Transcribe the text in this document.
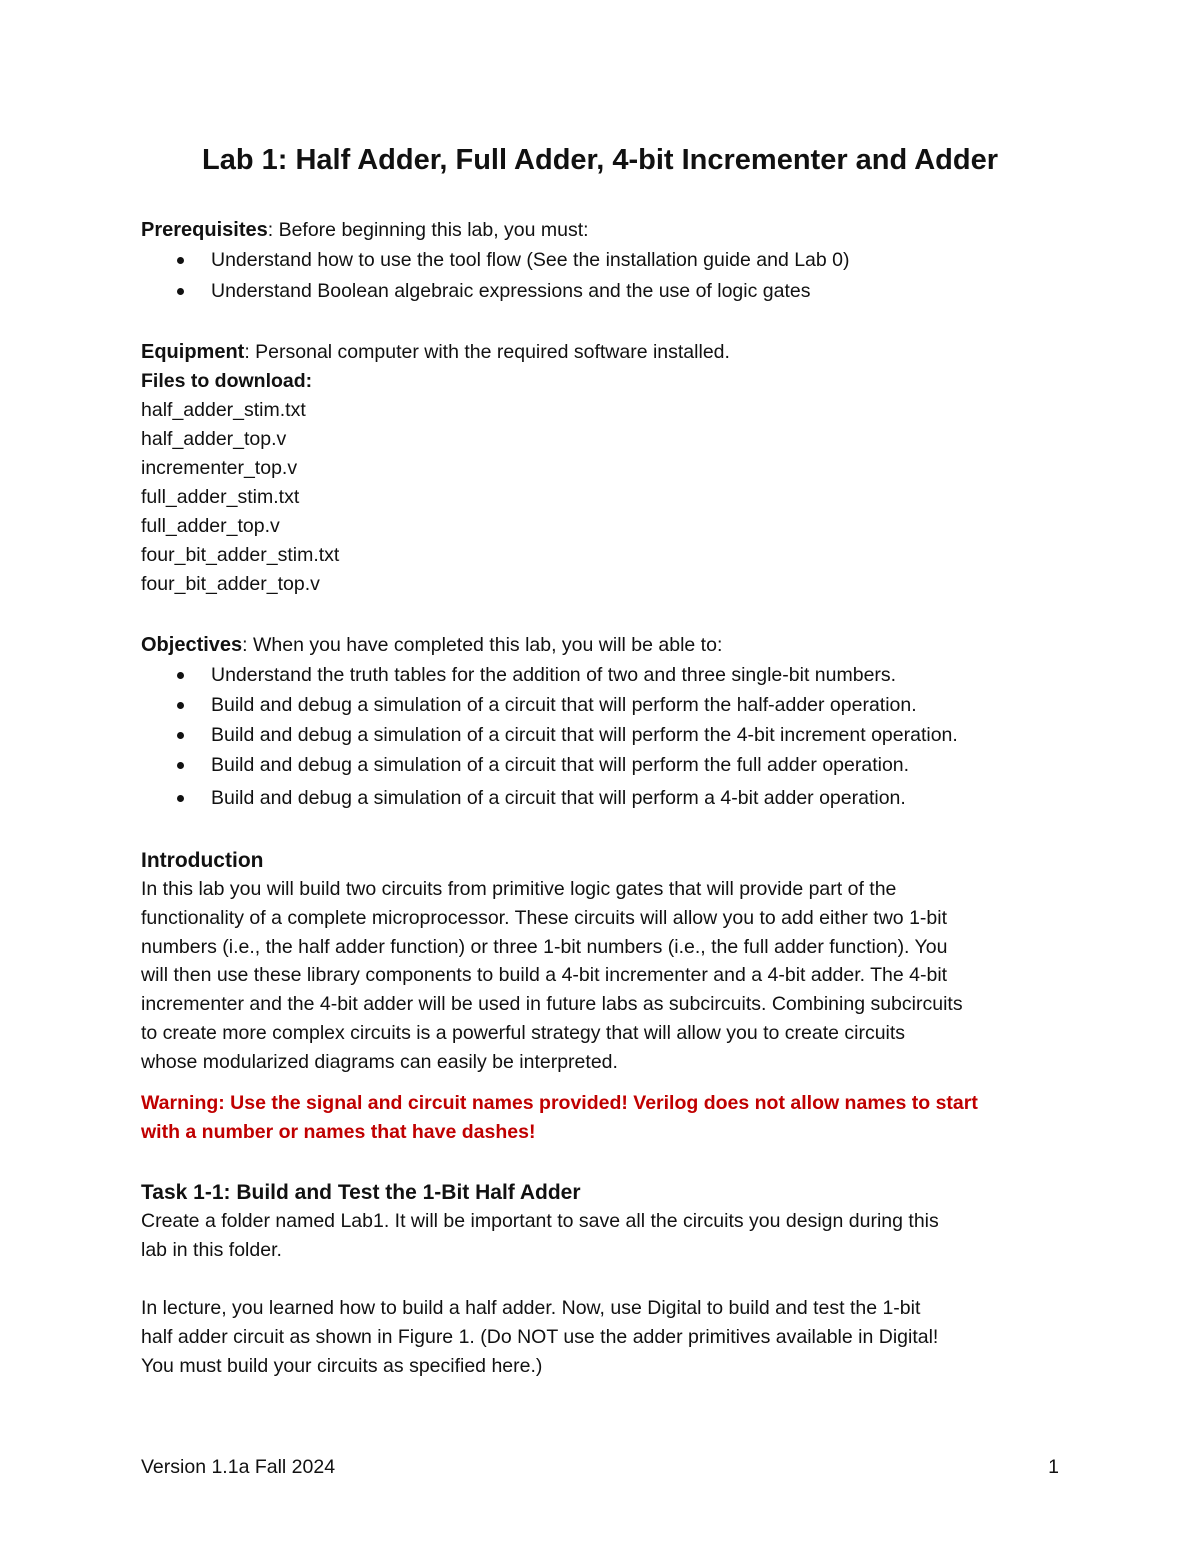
Lab 1: Half Adder, Full Adder, 4-bit Incrementer and Adder
Prerequisites: Before beginning this lab, you must:
Understand how to use the tool flow (See the installation guide and Lab 0)
Understand Boolean algebraic expressions and the use of logic gates
Equipment: Personal computer with the required software installed.
Files to download:
half_adder_stim.txt
half_adder_top.v
incrementer_top.v
full_adder_stim.txt
full_adder_top.v
four_bit_adder_stim.txt
four_bit_adder_top.v
Objectives: When you have completed this lab, you will be able to:
Understand the truth tables for the addition of two and three single-bit numbers.
Build and debug a simulation of a circuit that will perform the half-adder operation.
Build and debug a simulation of a circuit that will perform the 4-bit increment operation.
Build and debug a simulation of a circuit that will perform the full adder operation.
Build and debug a simulation of a circuit that will perform a 4-bit adder operation.
Introduction
In this lab you will build two circuits from primitive logic gates that will provide part of the
functionality of a complete microprocessor. These circuits will allow you to add either two 1-bit
numbers (i.e., the half adder function) or three 1-bit numbers (i.e., the full adder function). You
will then use these library components to build a 4-bit incrementer and a 4-bit adder. The 4-bit
incrementer and the 4-bit adder will be used in future labs as subcircuits. Combining subcircuits
to create more complex circuits is a powerful strategy that will allow you to create circuits
whose modularized diagrams can easily be interpreted.
Warning: Use the signal and circuit names provided! Verilog does not allow names to start
with a number or names that have dashes!
Task 1-1: Build and Test the 1-Bit Half Adder
Create a folder named Lab1. It will be important to save all the circuits you design during this
lab in this folder.
In lecture, you learned how to build a half adder. Now, use Digital to build and test the 1-bit
half adder circuit as shown in Figure 1. (Do NOT use the adder primitives available in Digital!
You must build your circuits as specified here.)
Version 1.1a Fall 2024	1
